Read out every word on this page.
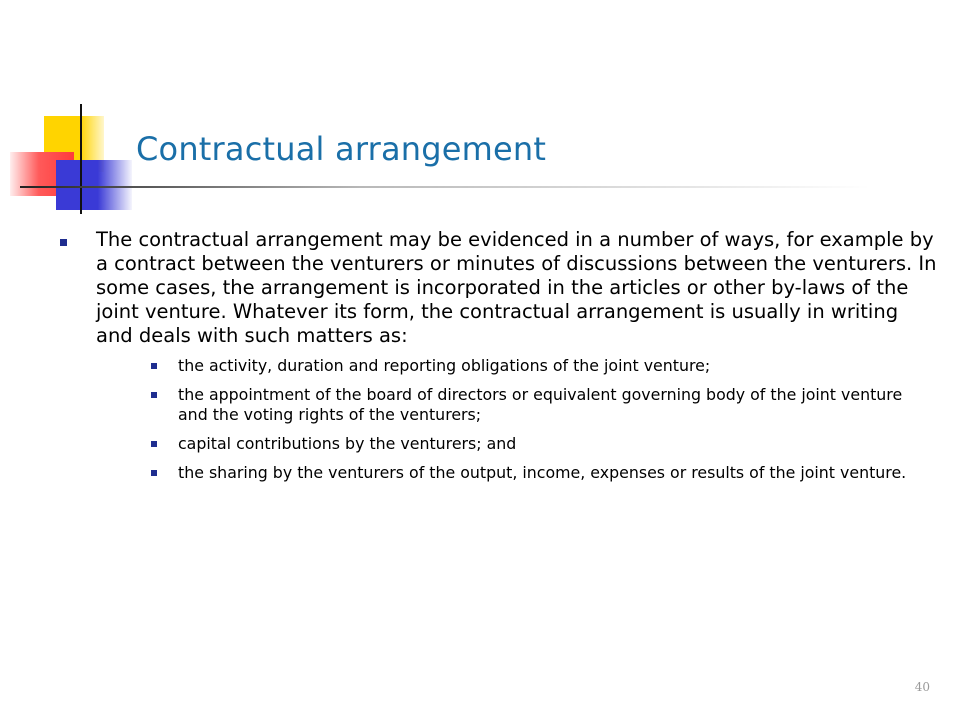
Contractual arrangement
The contractual arrangement may be evidenced in a number of ways, for example by a contract between the venturers or minutes of discussions between the venturers. In some cases, the arrangement is incorporated in the articles or other by-laws of the joint venture. Whatever its form, the contractual arrangement is usually in writing and deals with such matters as:
the activity, duration and reporting obligations of the joint venture;
the appointment of the board of directors or equivalent governing body of the joint venture and the voting rights of the venturers;
capital contributions by the venturers; and
the sharing by the venturers of the output, income, expenses or results of the joint venture.
40
